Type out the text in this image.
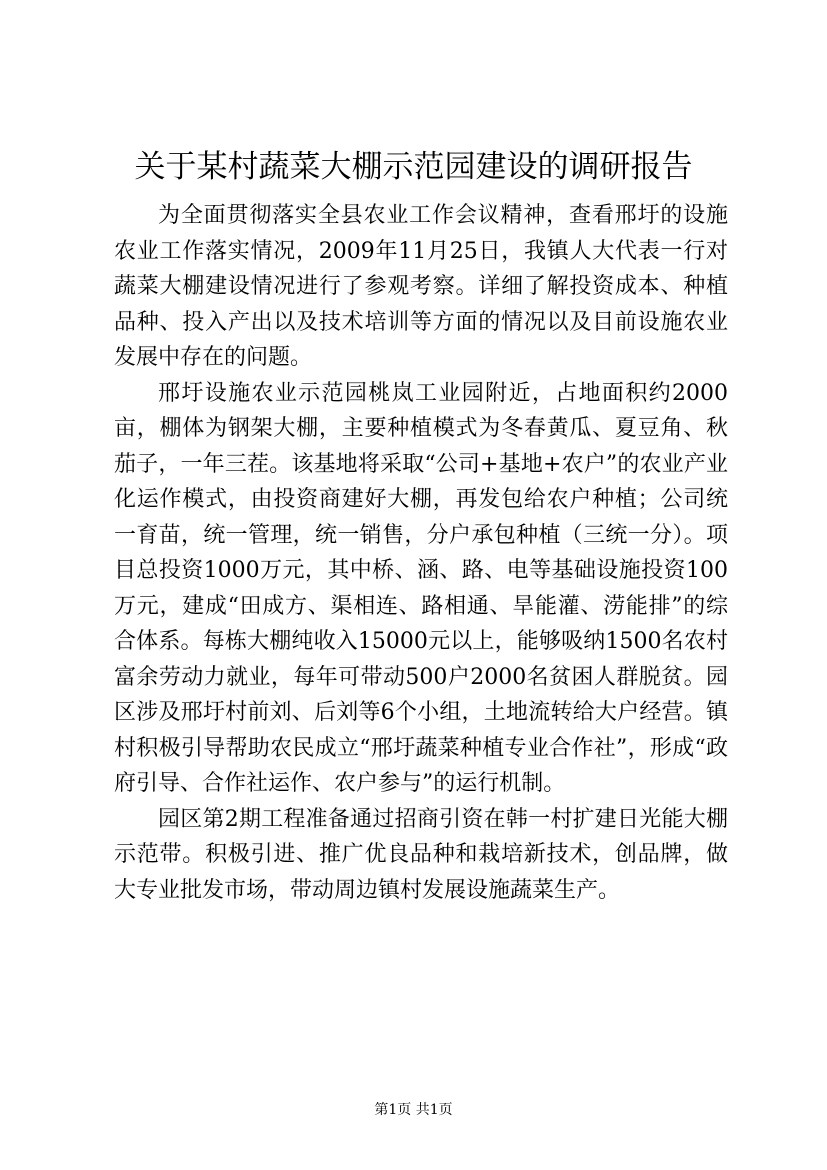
关于某村蔬菜大棚示范园建设的调研报告

为全面贯彻落实全县农业工作会议精神，查看邢圩的设施农业工作落实情况，2009年11月25日，我镇人大代表一行对蔬菜大棚建设情况进行了参观考察。详细了解投资成本、种植品种、投入产出以及技术培训等方面的情况以及目前设施农业发展中存在的问题。

邢圩设施农业示范园桃岚工业园附近，占地面积约2000亩，棚体为钢架大棚，主要种植模式为冬春黄瓜、夏豆角、秋茄子，一年三茬。该基地将采取“公司+基地+农户”的农业产业化运作模式，由投资商建好大棚，再发包给农户种植；公司统一育苗，统一管理，统一销售，分户承包种植（三统一分）。项目总投资1000万元，其中桥、涵、路、电等基础设施投资100万元，建成“田成方、渠相连、路相通、旱能灌、涝能排”的综合体系。每栋大棚纯收入15000元以上，能够吸纳1500名农村富余劳动力就业，每年可带动500户2000名贫困人群脱贫。园区涉及邢圩村前刘、后刘等6个小组，土地流转给大户经营。镇村积极引导帮助农民成立“邢圩蔬菜种植专业合作社”，形成“政府引导、合作社运作、农户参与”的运行机制。

园区第2期工程准备通过招商引资在韩一村扩建日光能大棚示范带。积极引进、推广优良品种和栽培新技术，创品牌，做大专业批发市场，带动周边镇村发展设施蔬菜生产。

第1页 共1页
